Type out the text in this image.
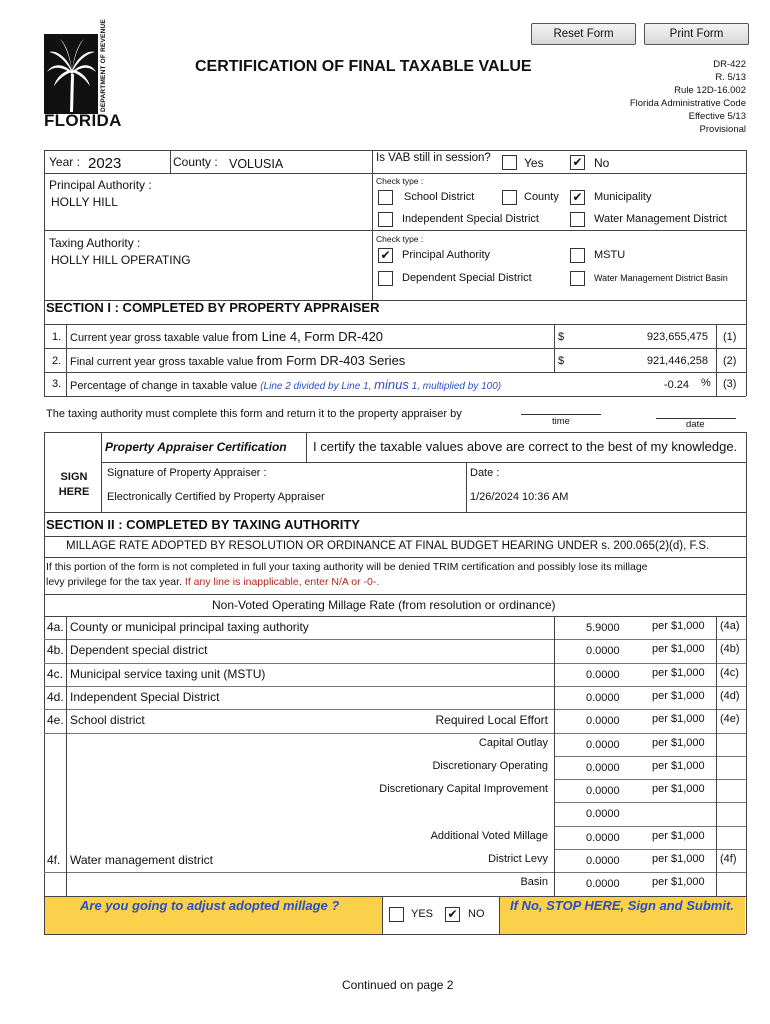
Reset Form	Print Form
DEPARTMENT OF REVENUE
FLORIDA
CERTIFICATION OF FINAL TAXABLE VALUE	DR-422
R. 5/13
Rule 12D-16.002
Florida Administrative Code
Effective 5/13
Provisional
Year : 2023	County : VOLUSIA	Is VAB still in session?	Yes ✔ No
Principal Authority :
HOLLY HILL
Check type :
School District	County ✔ Municipality
Independent Special District	Water Management District
Taxing Authority :
HOLLY HILL OPERATING
Check type :
✔ Principal Authority	MSTU
Dependent Special District	Water Management District Basin
SECTION I : COMPLETED BY PROPERTY APPRAISER
1. Current year gross taxable value from Line 4, Form DR-420	$	923,655,475 (1)
2. Final current year gross taxable value from Form DR-403 Series	$	921,446,258 (2)
3. Percentage of change in taxable value (Line 2 divided by Line 1, minus 1, multiplied by 100)	-0.24 % (3)
The taxing authority must complete this form and return it to the property appraiser by
time	date
SIGN
HERE
Property Appraiser Certification I certify the taxable values above are correct to the best of my knowledge.
Signature of Property Appraiser :
Electronically Certified by Property Appraiser
Date :
1/26/2024 10:36 AM
SECTION II : COMPLETED BY TAXING AUTHORITY
MILLAGE RATE ADOPTED BY RESOLUTION OR ORDINANCE AT FINAL BUDGET HEARING UNDER s. 200.065(2)(d), F.S.
If this portion of the form is not completed in full your taxing authority will be denied TRIM certification and possibly lose its millage
levy privilege for the tax year. If any line is inapplicable, enter N/A or -0-.
Non-Voted Operating Millage Rate (from resolution or ordinance)
4a. County or municipal principal taxing authority	5.9000	per $1,000 (4a)
4b. Dependent special district	0.0000	per $1,000 (4b)
4c. Municipal service taxing unit (MSTU)	0.0000	per $1,000 (4c)
4d. Independent Special District	0.0000	per $1,000 (4d)
4e. School district	Required Local Effort	0.0000	per $1,000 (4e)
Capital Outlay	0.0000	per $1,000
Discretionary Operating	0.0000	per $1,000
Discretionary Capital Improvement	0.0000	per $1,000
0.0000
Additional Voted Millage	0.0000	per $1,000
4f. Water management district	District Levy	0.0000	per $1,000 (4f)
Basin	0.0000	per $1,000
Are you going to adjust adopted millage ?
YES ✔ NO
If No, STOP HERE, Sign and Submit.
Continued on page 2
